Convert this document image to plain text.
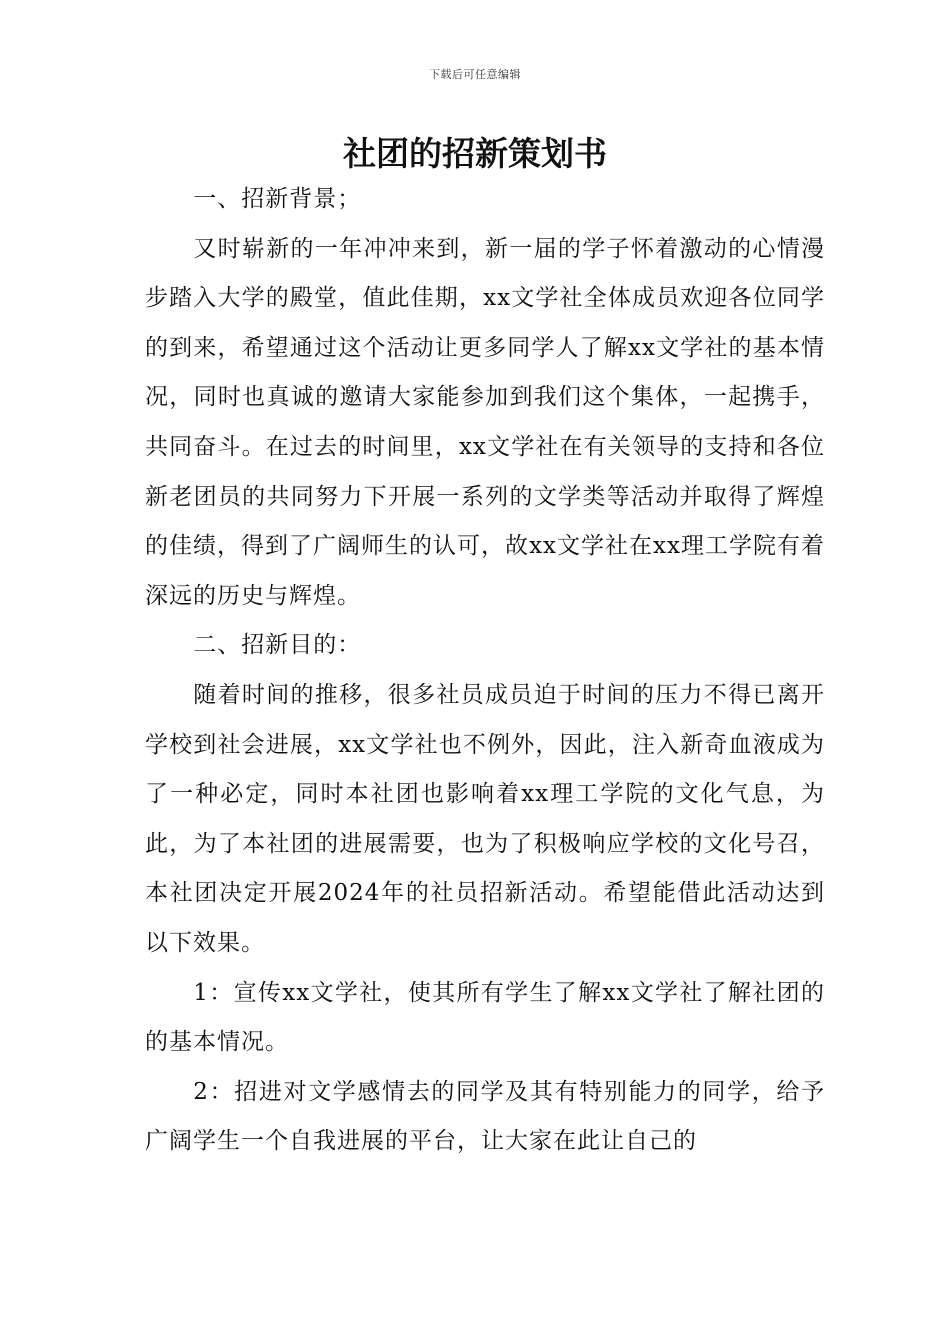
下载后可任意编辑
社团的招新策划书

一、招新背景；

又时崭新的一年冲冲来到，新一届的学子怀着激动的心情漫步踏入大学的殿堂，值此佳期，xx文学社全体成员欢迎各位同学的到来，希望通过这个活动让更多同学人了解xx文学社的基本情况，同时也真诚的邀请大家能参加到我们这个集体，一起携手，共同奋斗。在过去的时间里，xx文学社在有关领导的支持和各位新老团员的共同努力下开展一系列的文学类等活动并取得了辉煌的佳绩，得到了广阔师生的认可，故xx文学社在xx理工学院有着深远的历史与辉煌。

二、招新目的：

随着时间的推移，很多社员成员迫于时间的压力不得已离开学校到社会进展，xx文学社也不例外，因此，注入新奇血液成为了一种必定，同时本社团也影响着xx理工学院的文化气息，为此，为了本社团的进展需要，也为了积极响应学校的文化号召，本社团决定开展2024年的社员招新活动。希望能借此活动达到以下效果。

1：宣传xx文学社，使其所有学生了解xx文学社了解社团的的基本情况。

2：招进对文学感情去的同学及其有特别能力的同学，给予广阔学生一个自我进展的平台，让大家在此让自己的
